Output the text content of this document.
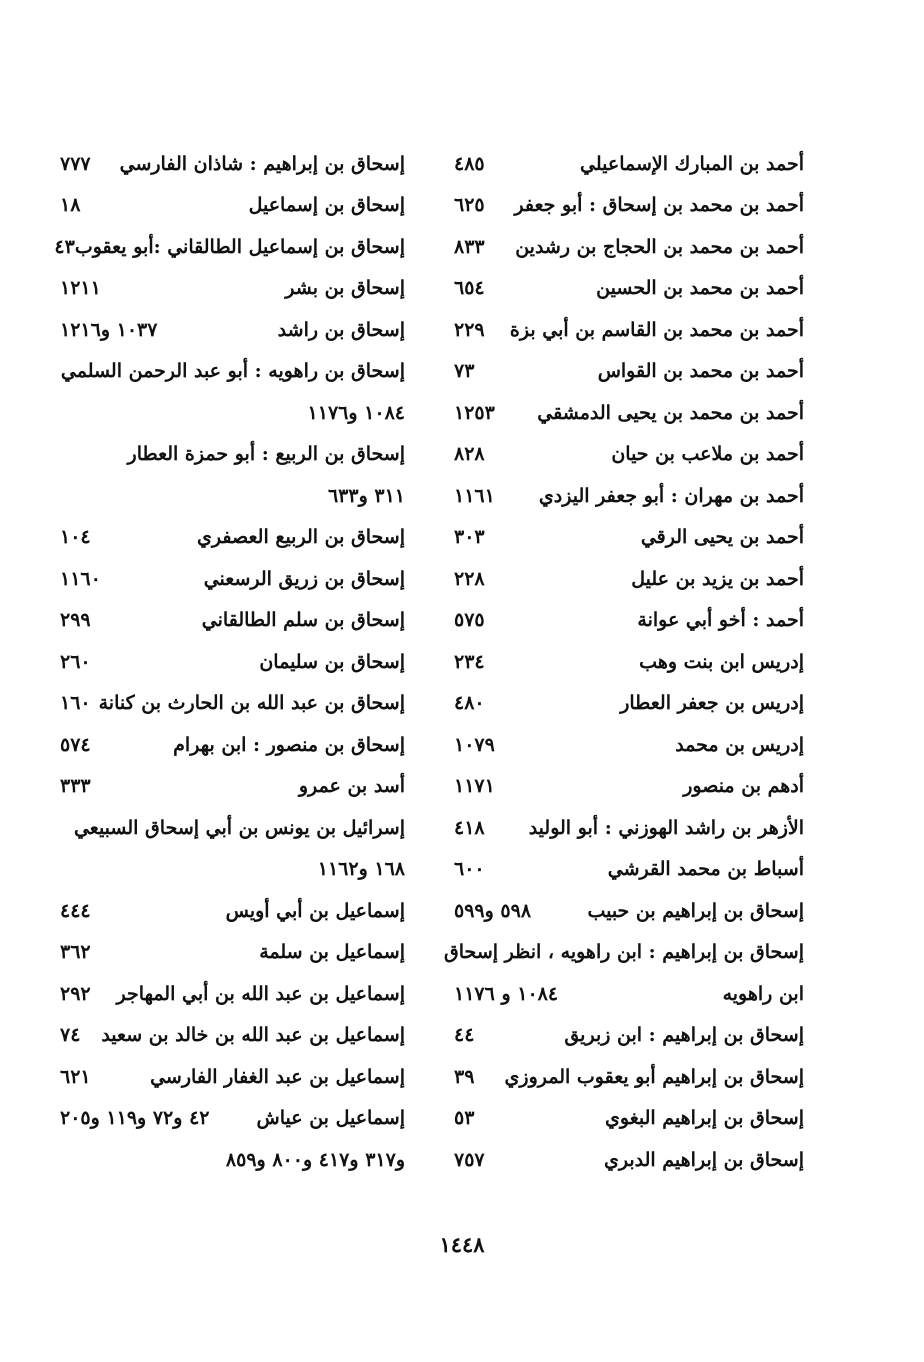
أحمد بن المبارك الإسماعيلي
٤٨٥
أحمد بن محمد بن إسحاق : أبو جعفر
٦٢٥
أحمد بن محمد بن الحجاج بن رشدين
٨٣٣
أحمد بن محمد بن الحسين
٦٥٤
أحمد بن محمد بن القاسم بن أبي بزة
٢٢٩
أحمد بن محمد بن القواس
٧٣
أحمد بن محمد بن يحيى الدمشقي
١٢٥٣
أحمد بن ملاعب بن حيان
٨٢٨
أحمد بن مهران : أبو جعفر اليزدي
١١٦١
أحمد بن يحيى الرقي
٣٠٣
أحمد بن يزيد بن عليل
٢٢٨
أحمد : أخو أبي عوانة
٥٧٥
إدريس ابن بنت وهب
٢٣٤
إدريس بن جعفر العطار
٤٨٠
إدريس بن محمد
١٠٧٩
أدهم بن منصور
١١٧١
الأزهر بن راشد الهوزني : أبو الوليد
٤١٨
أسباط بن محمد القرشي
٦٠٠
إسحاق بن إبراهيم بن حبيب
٥٩٨ و٥٩٩
إسحاق بن إبراهيم : ابن راهويه ، انظر إسحاق
ابن راهويه
١٠٨٤ و ١١٧٦
إسحاق بن إبراهيم : ابن زبريق
٤٤
إسحاق بن إبراهيم أبو يعقوب المروزي
٣٩
إسحاق بن إبراهيم البغوي
٥٣
إسحاق بن إبراهيم الدبري
٧٥٧
إسحاق بن إبراهيم : شاذان الفارسي
٧٧٧
إسحاق بن إسماعيل
١٨
إسحاق بن إسماعيل الطالقاني :أبو يعقوب
٤٣
إسحاق بن بشر
١٢١١
إسحاق بن راشد
١٠٣٧ و١٢١٦
إسحاق بن راهويه : أبو عبد الرحمن السلمي
١٠٨٤ و١١٧٦
إسحاق بن الربيع : أبو حمزة العطار
٣١١ و٦٣٣
إسحاق بن الربيع العصفري
١٠٤
إسحاق بن زريق الرسعني
١١٦٠
إسحاق بن سلم الطالقاني
٢٩٩
إسحاق بن سليمان
٢٦٠
إسحاق بن عبد الله بن الحارث بن كنانة
١٦٠
إسحاق بن منصور : ابن بهرام
٥٧٤
أسد بن عمرو
٣٣٣
إسرائيل بن يونس بن أبي إسحاق السبيعي
١٦٨ و١١٦٢
إسماعيل بن أبي أويس
٤٤٤
إسماعيل بن سلمة
٣٦٢
إسماعيل بن عبد الله بن أبي المهاجر
٢٩٢
إسماعيل بن عبد الله بن خالد بن سعيد
٧٤
إسماعيل بن عبد الغفار الفارسي
٦٢١
إسماعيل بن عياش
٤٢ و٧٢ و١١٩ و٢٠٥
و٣١٧ و٤١٧ و٨٠٠ و٨٥٩
١٤٤٨
